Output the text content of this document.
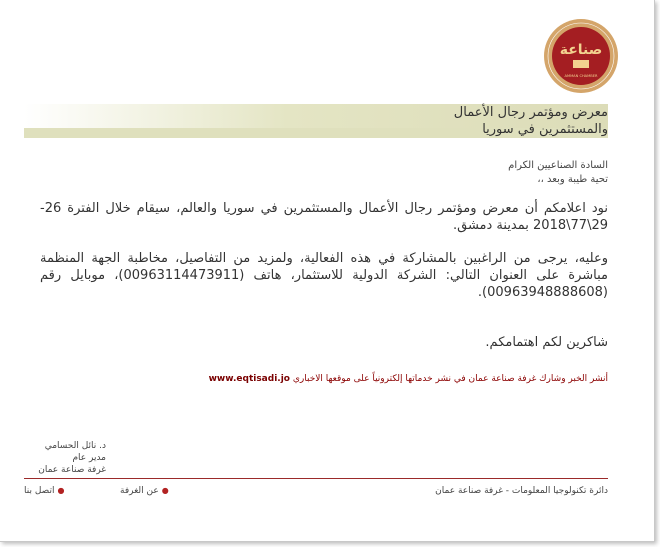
صناعة
AMMAN CHAMBER
معرض ومؤتمر رجال الأعمال
والمستثمرين في سوريا
السادة الصناعيين الكرام
تحية طيبة وبعد ،،
نود اعلامكم أن معرض ومؤتمر رجال الأعمال والمستثمرين في سوريا والعالم، سيقام خلال الفترة 26-29\77\2018 بمدينة دمشق.
وعليه، يرجى من الراغبين بالمشاركة في هذه الفعالية، ولمزيد من التفاصيل، مخاطبة الجهة المنظمة مباشرة على العنوان التالي: الشركة الدولية للاستثمار، هاتف (00963114473911)، موبايل رقم (00963948888608).
شاكرين لكم اهتمامكم.
أنشر الخبر وشارك غرفة صناعة عمان في نشر خدماتها إلكترونياً على موقعها الاخباري www.eqtisadi.jo
د. نائل الحسامي
مدير عام
غرفة صناعة عمان
دائرة تكنولوجيا المعلومات - غرفة صناعة عمان
●عن الغرفة
●اتصل بنا
